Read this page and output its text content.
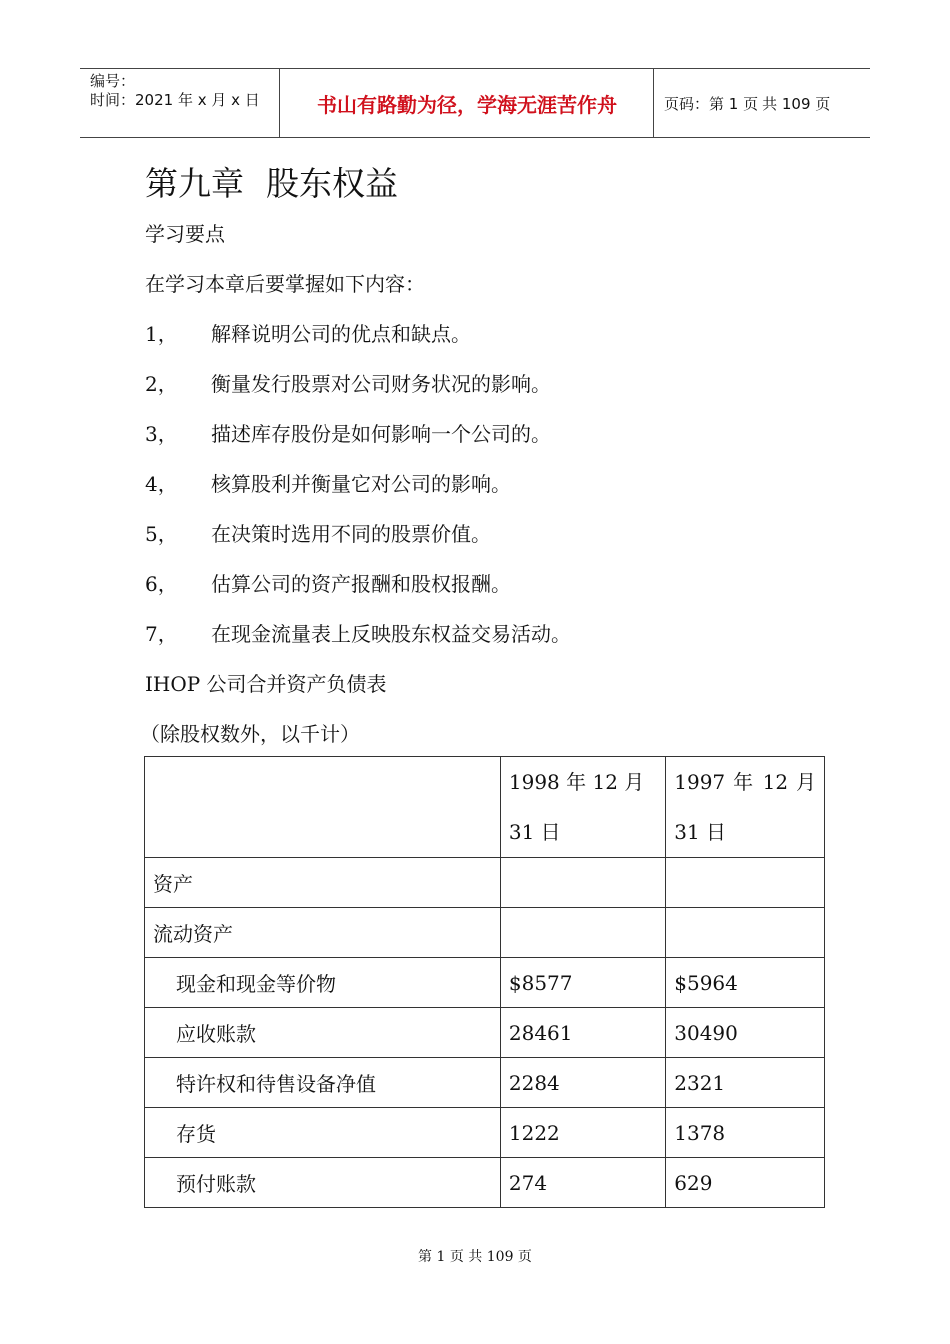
编号：
时间：2021 年 x 月 x 日	书山有路勤为径，学海无涯苦作舟	页码：第 1 页 共 109 页
第九章 股东权益
学习要点
在学习本章后要掌握如下内容：
1， 解释说明公司的优点和缺点。
2， 衡量发行股票对公司财务状况的影响。
3， 描述库存股份是如何影响一个公司的。
4， 核算股利并衡量它对公司的影响。
5， 在决策时选用不同的股票价值。
6， 估算公司的资产报酬和股权报酬。
7， 在现金流量表上反映股东权益交易活动。
IHOP 公司合并资产负债表
（除股权数外，以千计）
	1998 年 12 月 31 日	1997 年 12 月 31 日
资产		
流动资产		
现金和现金等价物	$8577	$5964
应收账款	28461	30490
特许权和待售设备净值	2284	2321
存货	1222	1378
预付账款	274	629
第 1 页 共 109 页
